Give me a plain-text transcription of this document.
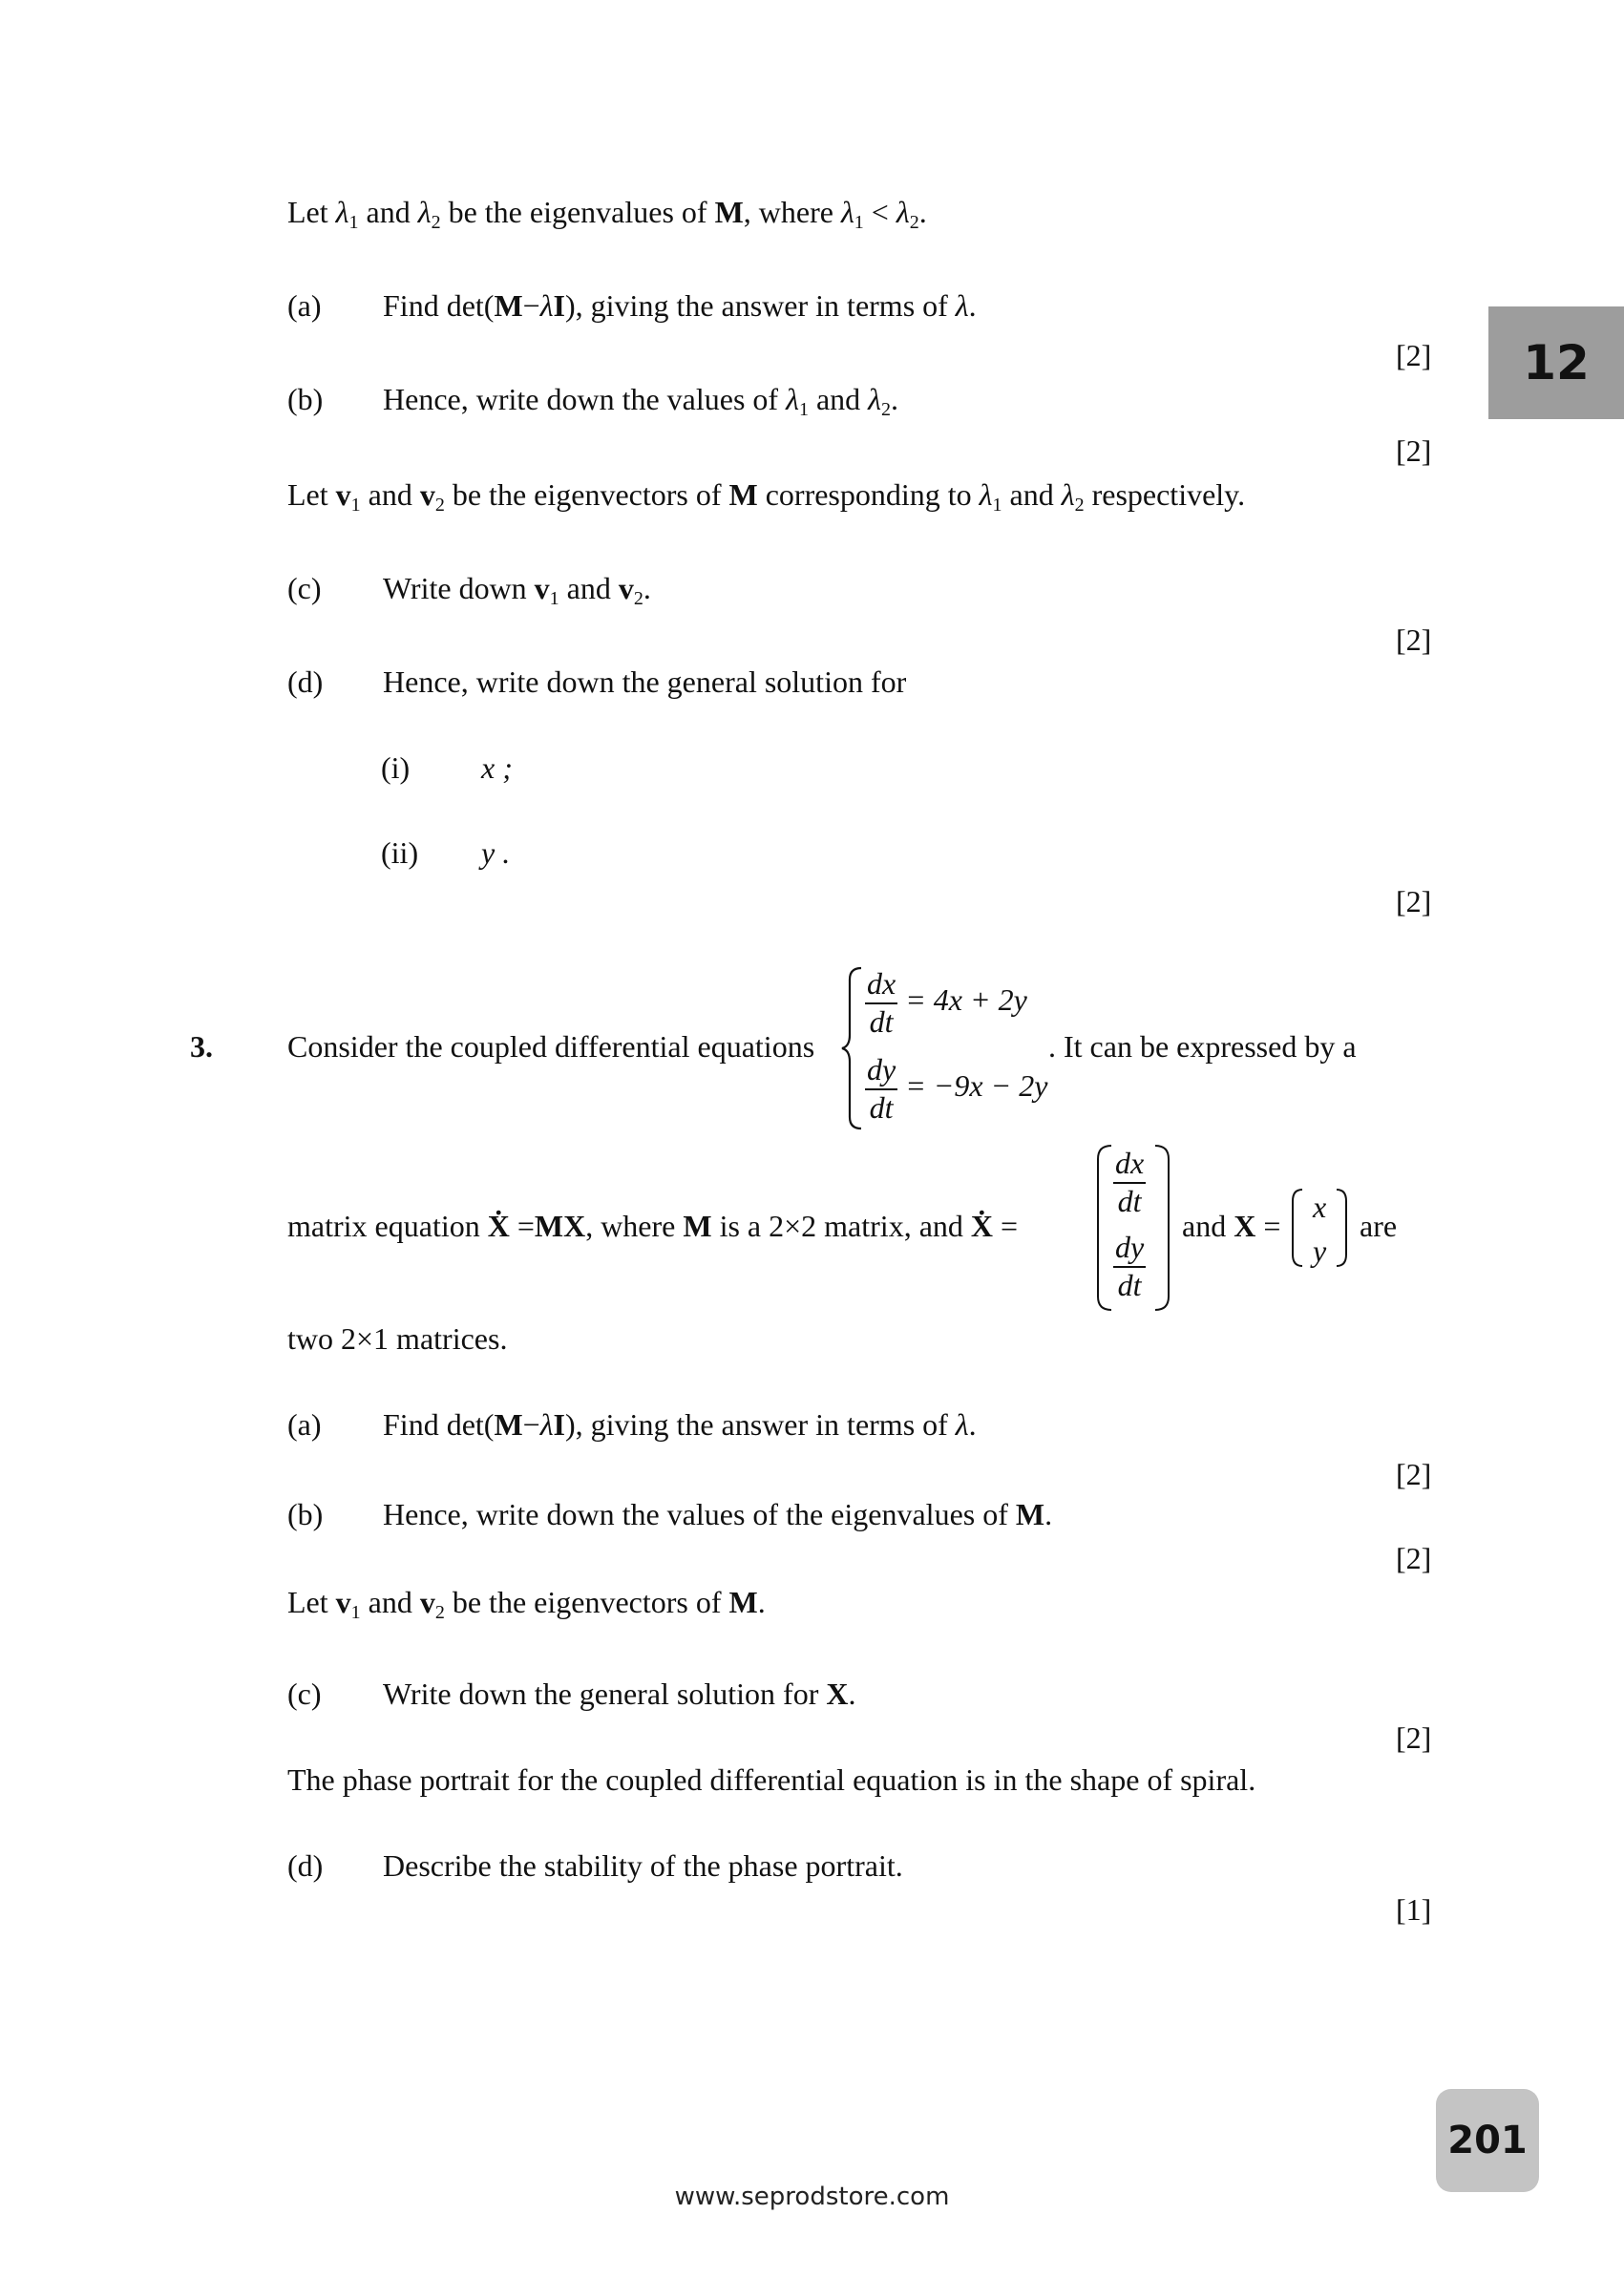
12
201
www.seprodstore.com
Let $\lambda_1$ and $\lambda_2$ be the eigenvalues of M, where $\lambda_1 < \lambda_2$.
(a) Find det(M−λI), giving the answer in terms of λ.
[2]
(b) Hence, write down the values of $\lambda_1$ and $\lambda_2$.
[2]
Let $v_1$ and $v_2$ be the eigenvectors of M corresponding to $\lambda_1$ and $\lambda_2$ respectively.
(c) Write down $v_1$ and $v_2$.
[2]
(d) Hence, write down the general solution for
(i) x ;
(ii) y .
[2]
3. Consider the coupled differential equations
$\frac{dx}{dt} = 4x + 2y$
$\frac{dy}{dt} = -9x - 2y$
. It can be expressed by a
matrix equation Ẋ =MX, where M is a 2×2 matrix, and Ẋ =
$\frac{dx}{dt}$
$\frac{dy}{dt}$
and X =
x
y
are
two 2×1 matrices.
(a) Find det(M−λI), giving the answer in terms of λ.
[2]
(b) Hence, write down the values of the eigenvalues of M.
[2]
Let $v_1$ and $v_2$ be the eigenvectors of M.
(c) Write down the general solution for X.
[2]
The phase portrait for the coupled differential equation is in the shape of spiral.
(d) Describe the stability of the phase portrait.
[1]
